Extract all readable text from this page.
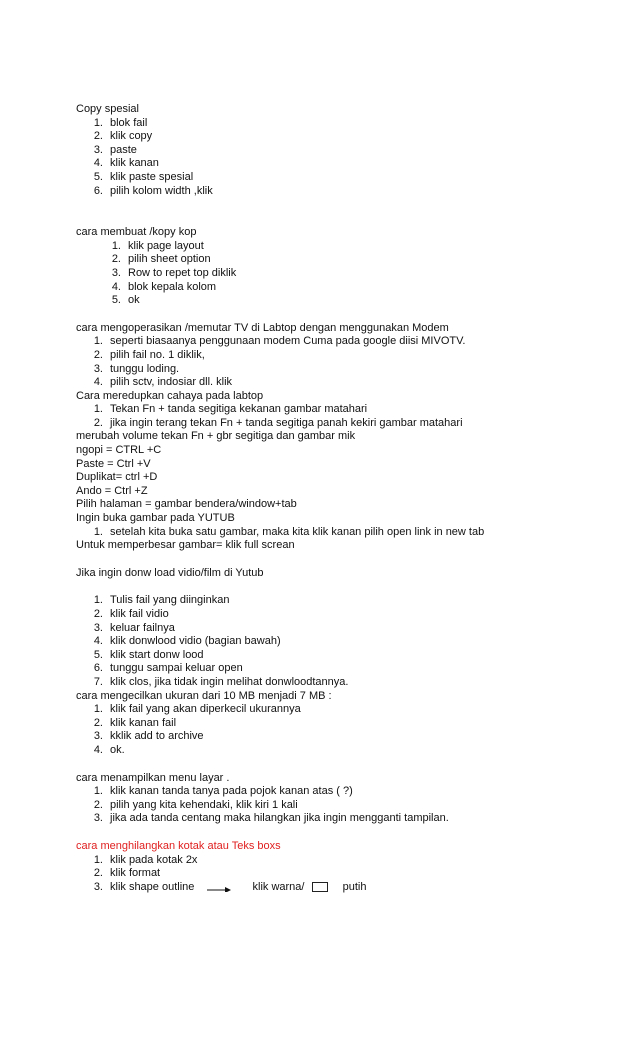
Copy spesial
1. blok fail
2. klik copy
3. paste
4. klik kanan
5. klik paste spesial
6. pilih kolom width ,klik
cara membuat /kopy kop
1. klik page layout
2. pilih sheet option
3. Row to repet top diklik
4. blok kepala kolom
5. ok
cara mengoperasikan /memutar TV di Labtop dengan menggunakan Modem
1. seperti biasaanya penggunaan modem Cuma pada google diisi MIVOTV.
2. pilih fail no. 1 diklik,
3. tunggu loding.
4. pilih sctv, indosiar dll. klik
Cara meredupkan cahaya pada labtop
1. Tekan Fn + tanda segitiga kekanan gambar matahari
2. jika ingin terang tekan Fn + tanda segitiga panah kekiri gambar matahari
merubah volume tekan Fn + gbr segitiga dan gambar mik
ngopi = CTRL +C
Paste = Ctrl +V
Duplikat= ctrl +D
Ando = Ctrl +Z
Pilih halaman = gambar bendera/window+tab
Ingin buka gambar pada YUTUB
1. setelah kita buka satu gambar, maka kita klik kanan pilih open link in new tab
Untuk memperbesar gambar= klik full screan
Jika ingin donw load vidio/film di Yutub
1. Tulis fail yang diinginkan
2. klik fail vidio
3. keluar failnya
4. klik donwlood vidio (bagian bawah)
5. klik start donw lood
6. tunggu sampai keluar open
7. klik clos, jika tidak ingin melihat donwloodtannya.
cara mengecilkan ukuran dari 10 MB menjadi 7 MB :
1. klik fail yang akan diperkecil ukurannya
2. klik kanan fail
3. kklik add to archive
4. ok.
cara menampilkan menu layar .
1. klik kanan tanda tanya pada pojok kanan atas ( ?)
2. pilih yang kita kehendaki, klik kiri 1 kali
3. jika ada tanda centang maka hilangkan jika ingin mengganti tampilan.
cara menghilangkan kotak atau Teks boxs
1. klik pada kotak 2x
2. klik format
3. klik shape outline	klik warna/	putih
